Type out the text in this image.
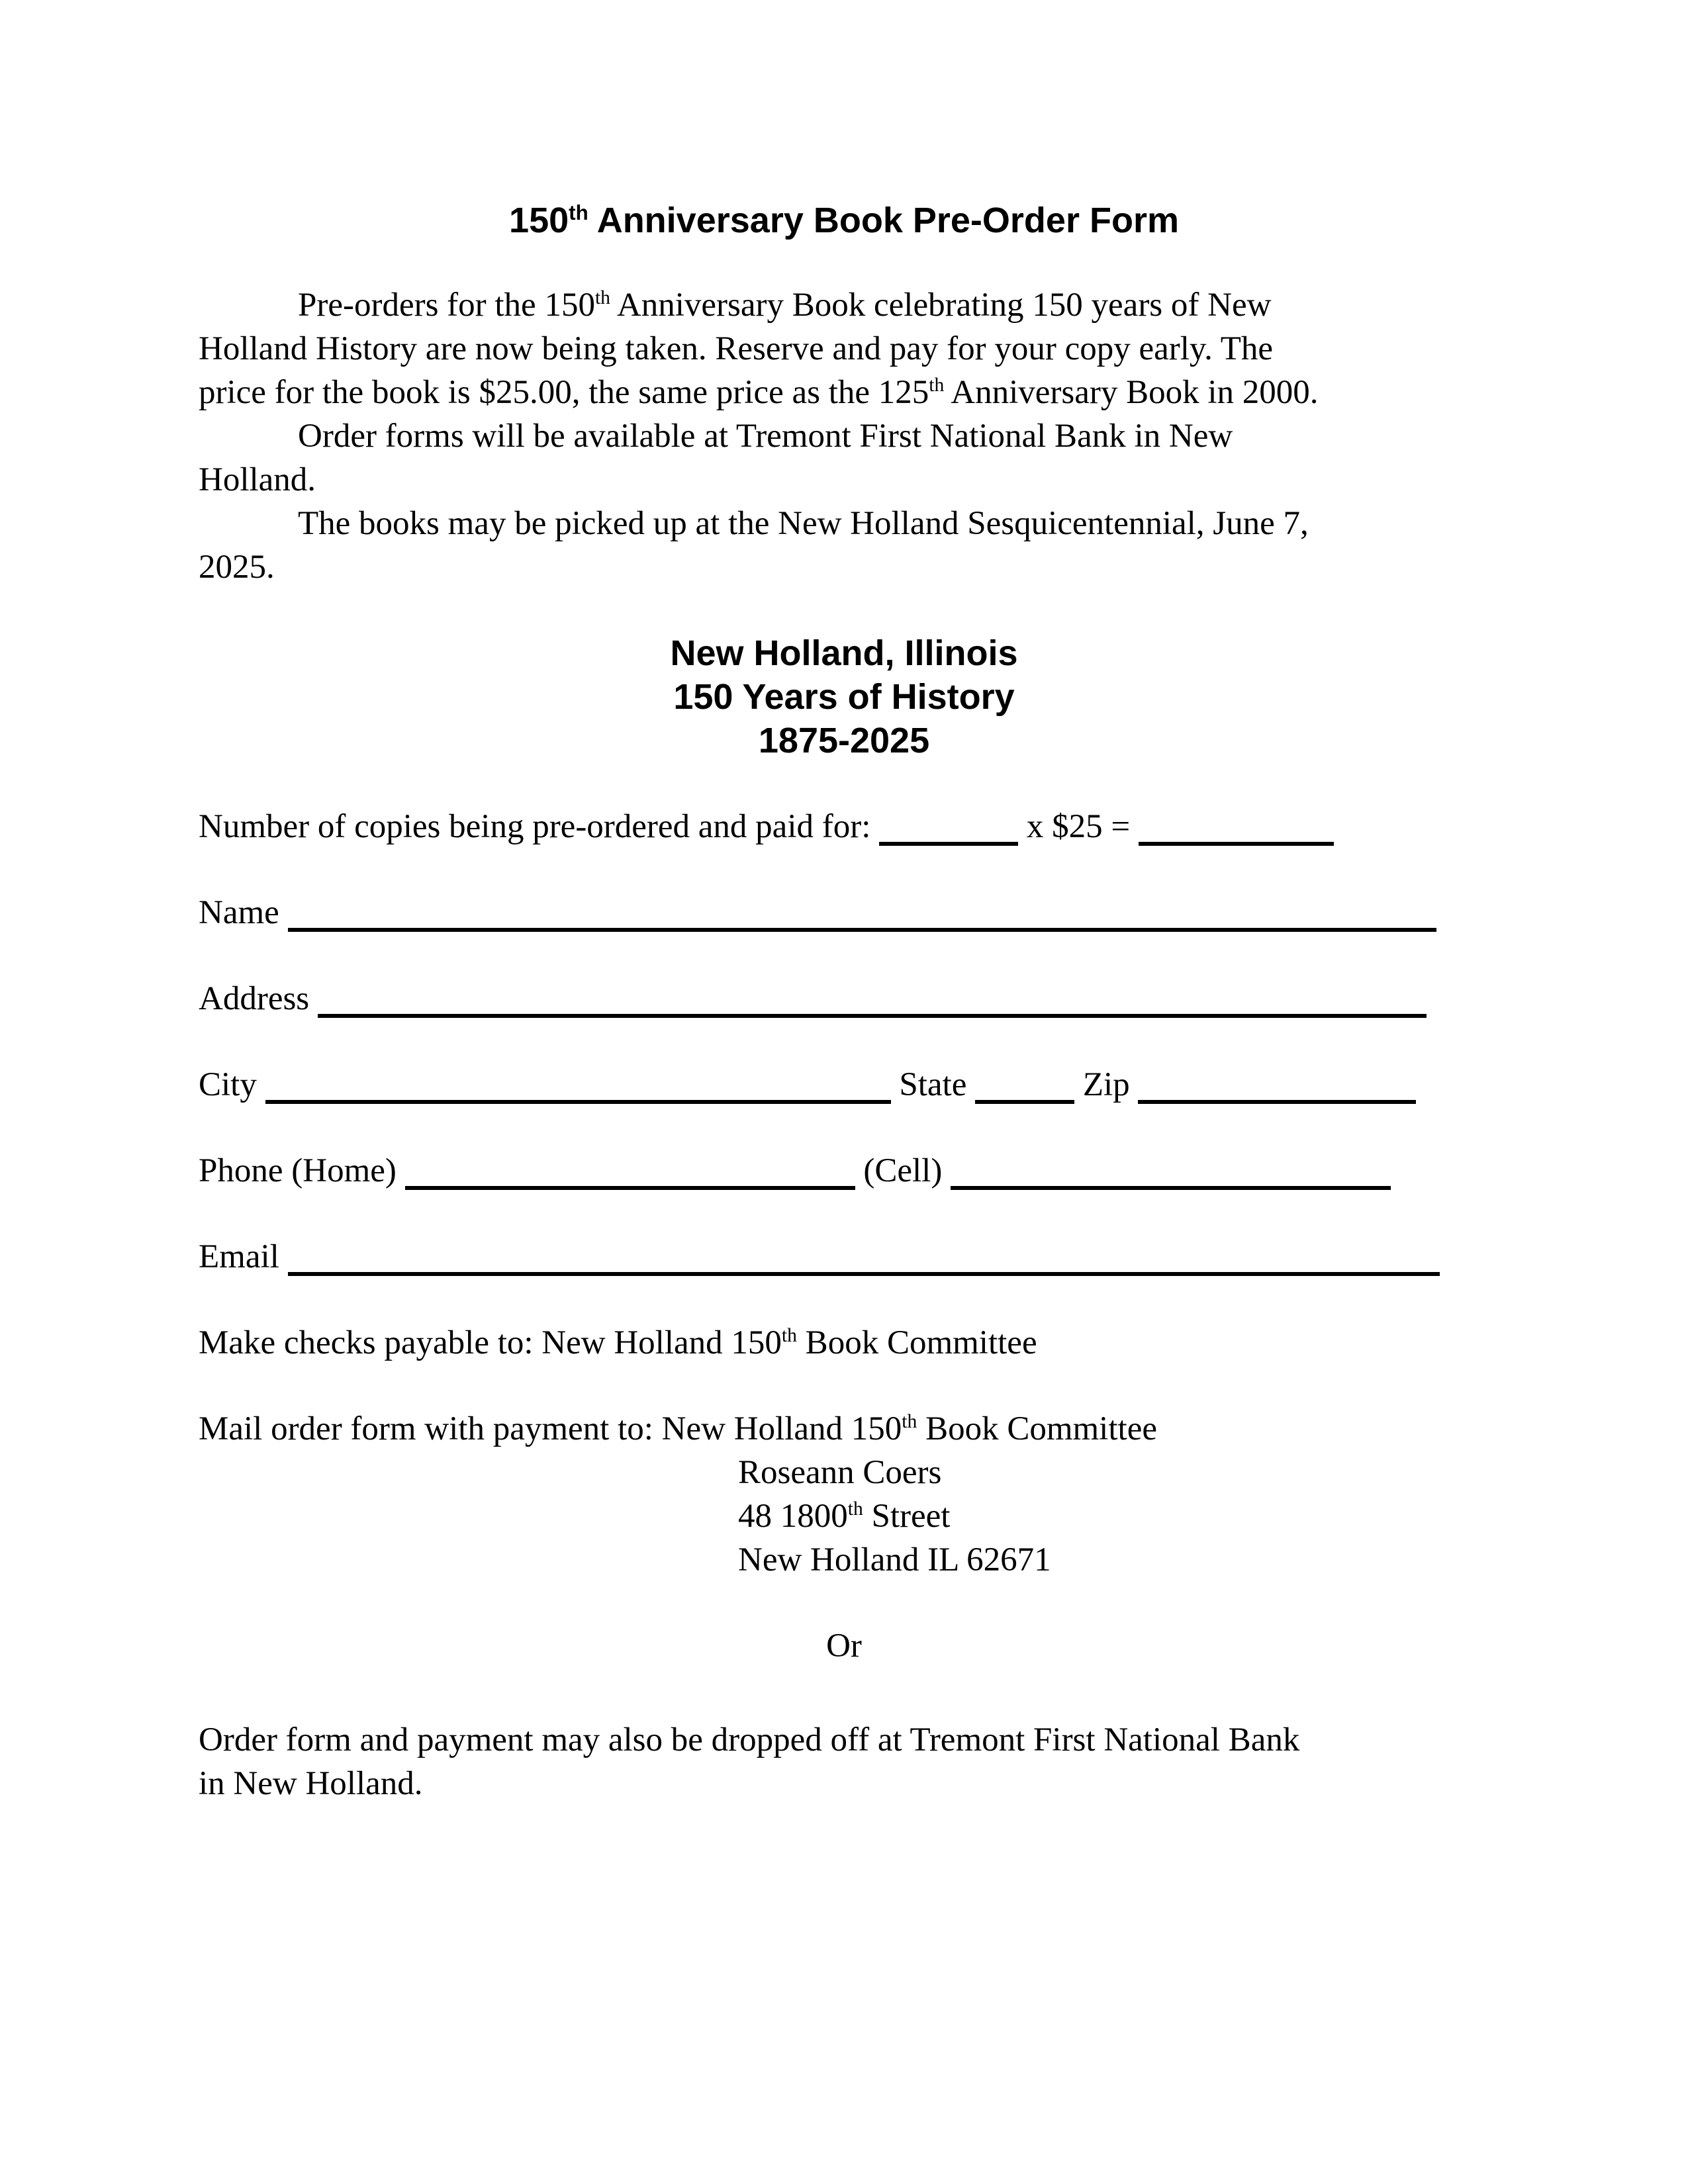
150th Anniversary Book Pre-Order Form

Pre-orders for the 150th Anniversary Book celebrating 150 years of New
Holland History are now being taken. Reserve and pay for your copy early. The
price for the book is $25.00, the same price as the 125th Anniversary Book in 2000.

Order forms will be available at Tremont First National Bank in New
Holland.

The books may be picked up at the New Holland Sesquicentennial, June 7,
2025.

New Holland, Illinois
150 Years of History
1875-2025
Number of copies being pre-ordered and paid for:	x $25 =
Name
Address
City	State	Zip
Phone (Home)	(Cell)
Email
Make checks payable to: New Holland 150th Book Committee
Mail order form with payment to: New Holland 150th Book Committee
Roseann Coers
48 1800th Street
New Holland IL 62671
Or

Order form and payment may also be dropped off at Tremont First National Bank
in New Holland.
